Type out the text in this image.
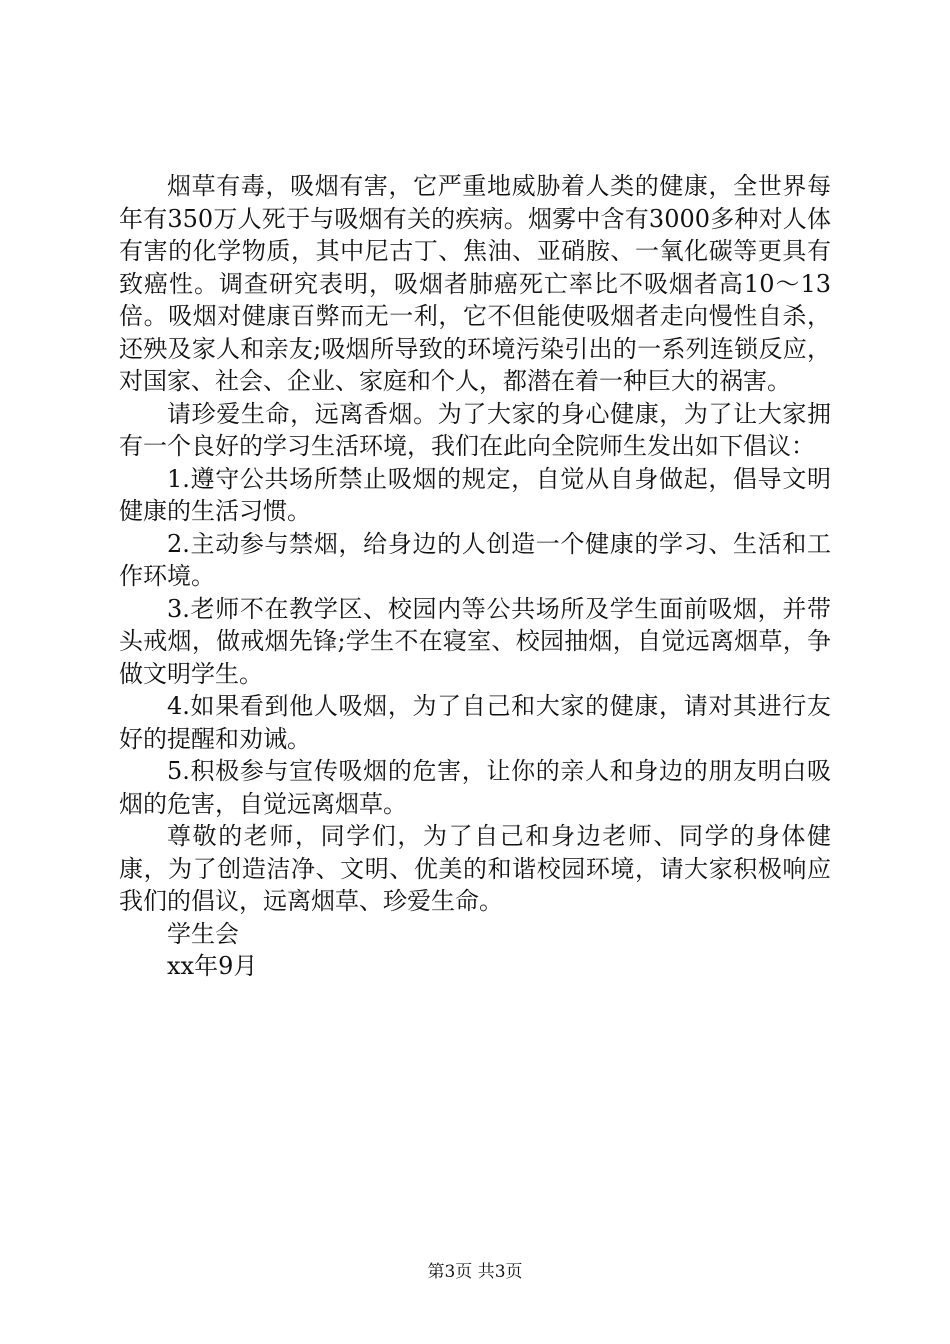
烟草有毒，吸烟有害，它严重地威胁着人类的健康，全世界每年有350万人死于与吸烟有关的疾病。烟雾中含有3000多种对人体有害的化学物质，其中尼古丁、焦油、亚硝胺、一氧化碳等更具有致癌性。调查研究表明，吸烟者肺癌死亡率比不吸烟者高10～13倍。吸烟对健康百弊而无一利，它不但能使吸烟者走向慢性自杀，还殃及家人和亲友;吸烟所导致的环境污染引出的一系列连锁反应，对国家、社会、企业、家庭和个人，都潜在着一种巨大的祸害。

请珍爱生命，远离香烟。为了大家的身心健康，为了让大家拥有一个良好的学习生活环境，我们在此向全院师生发出如下倡议：

1.遵守公共场所禁止吸烟的规定，自觉从自身做起，倡导文明健康的生活习惯。

2.主动参与禁烟，给身边的人创造一个健康的学习、生活和工作环境。

3.老师不在教学区、校园内等公共场所及学生面前吸烟，并带头戒烟，做戒烟先锋;学生不在寝室、校园抽烟，自觉远离烟草，争做文明学生。

4.如果看到他人吸烟，为了自己和大家的健康，请对其进行友好的提醒和劝诫。

5.积极参与宣传吸烟的危害，让你的亲人和身边的朋友明白吸烟的危害，自觉远离烟草。

尊敬的老师，同学们，为了自己和身边老师、同学的身体健康，为了创造洁净、文明、优美的和谐校园环境，请大家积极响应我们的倡议，远离烟草、珍爱生命。

学生会

xx年9月

第3页 共3页
